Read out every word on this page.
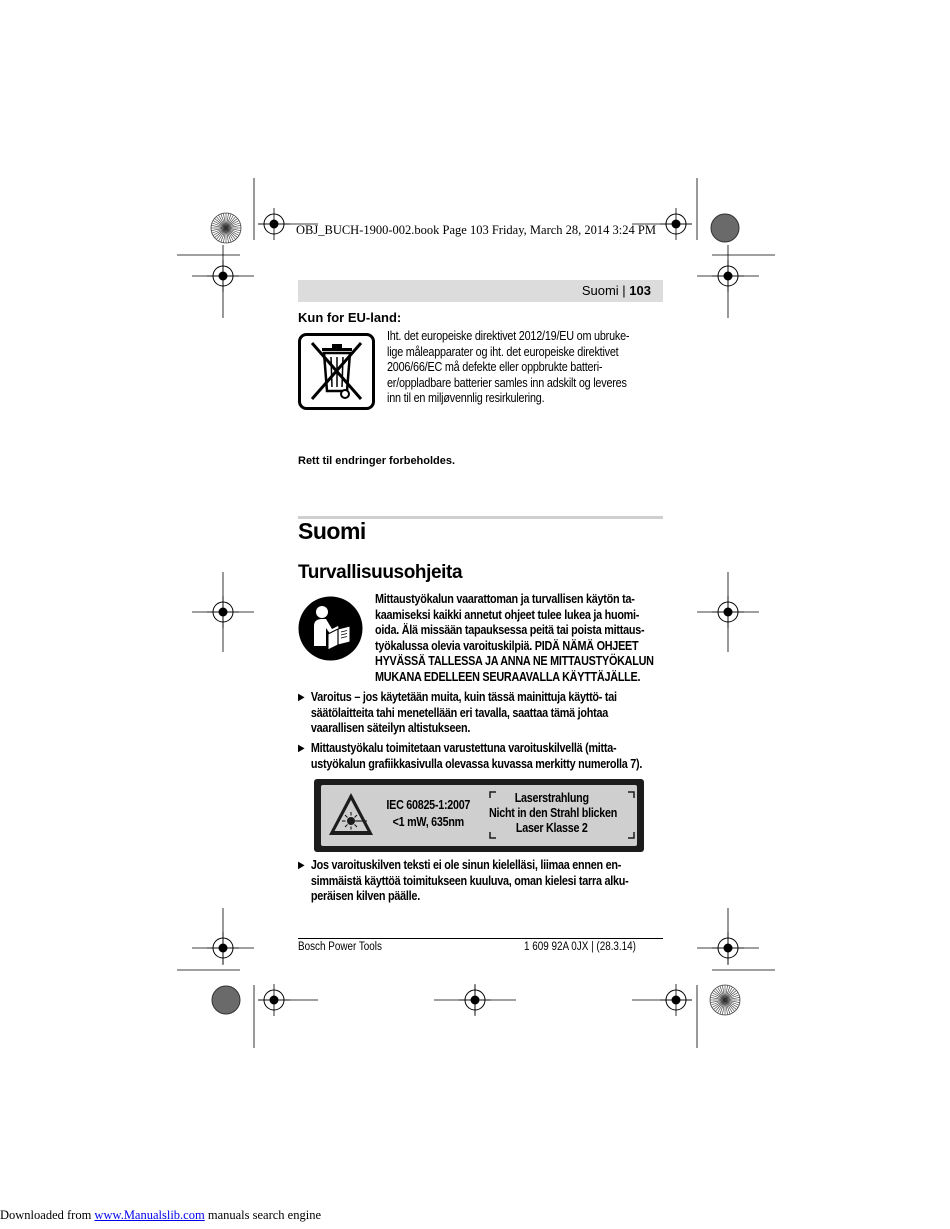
OBJ_BUCH-1900-002.book Page 103 Friday, March 28, 2014 3:24 PM
Suomi | 103
Kun for EU-land:
Iht. det europeiske direktivet 2012/19/EU om ubruke-
lige måleapparater og iht. det europeiske direktivet
2006/66/EC må defekte eller oppbrukte batteri-
er/oppladbare batterier samles inn adskilt og leveres
inn til en miljøvennlig resirkulering.
Rett til endringer forbeholdes.
Suomi
Turvallisuusohjeita
Mittaustyökalun vaarattoman ja turvallisen käytön ta-
kaamiseksi kaikki annetut ohjeet tulee lukea ja huomi-
oida. Älä missään tapauksessa peitä tai poista mittaus-
työkalussa olevia varoituskilpiä. PIDÄ NÄMÄ OHJEET
HYVÄSSÄ TALLESSA JA ANNA NE MITTAUSTYÖKALUN
MUKANA EDELLEEN SEURAAVALLA KÄYTTÄJÄLLE.
▶ Varoitus – jos käytetään muita, kuin tässä mainittuja käyttö- tai
säätölaitteita tahi menetellään eri tavalla, saattaa tämä johtaa
vaarallisen säteilyn altistukseen.
▶ Mittaustyökalu toimitetaan varustettuna varoituskilvellä (mitta-
ustyökalun grafiikkasivulla olevassa kuvassa merkitty numerolla 7).
IEC 60825-1:2007
<1 mW, 635nm
Laserstrahlung
Nicht in den Strahl blicken
Laser Klasse 2
▶ Jos varoituskilven teksti ei ole sinun kielelläsi, liimaa ennen en-
simmäistä käyttöä toimitukseen kuuluva, oman kielesi tarra alku-
peräisen kilven päälle.
Bosch Power Tools	1 609 92A 0JX | (28.3.14)
Downloaded from www.Manualslib.com manuals search engine
